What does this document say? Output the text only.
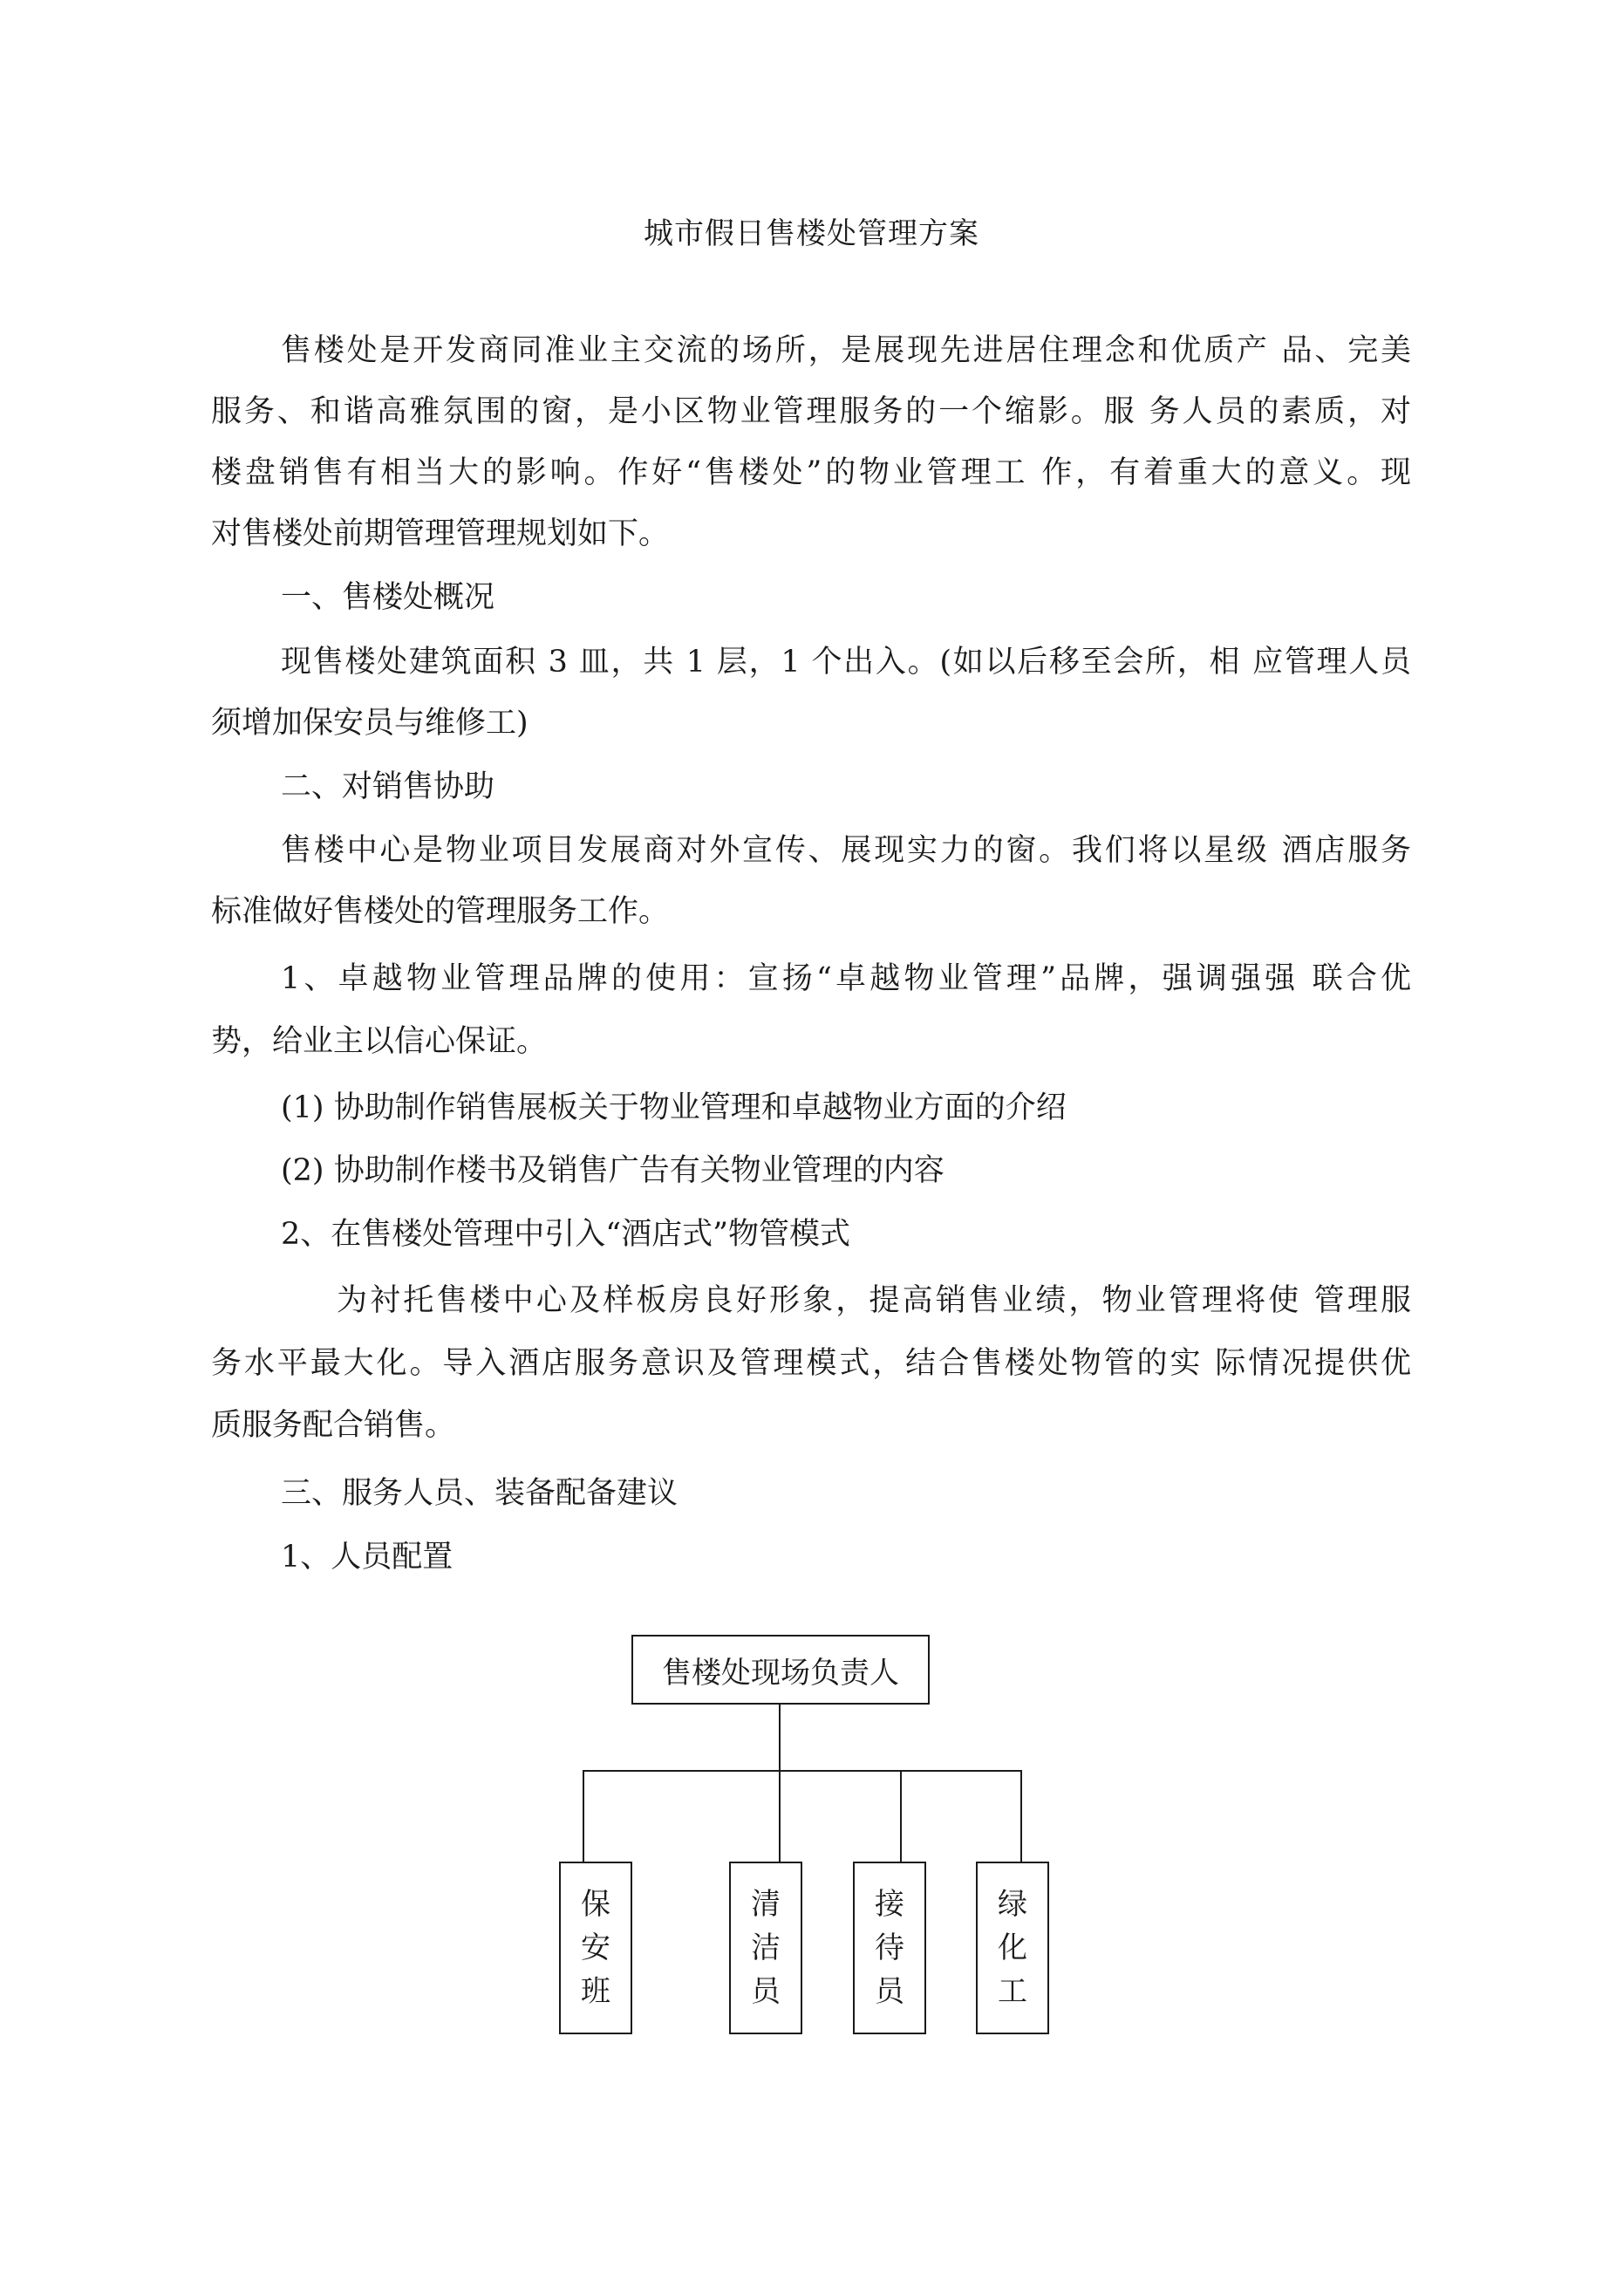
城市假日售楼处管理方案
售楼处是开发商同准业主交流的场所，是展现先进居住理念和优质产 品、完美
服务、和谐高雅氛围的窗，是小区物业管理服务的一个缩影。服 务人员的素质，对
楼盘销售有相当大的影响。作好“售楼处”的物业管理工 作，有着重大的意义。现
对售楼处前期管理管理规划如下。
一、售楼处概况
现售楼处建筑面积 3 皿，共 1 层，1 个出入。(如以后移至会所，相 应管理人员
须增加保安员与维修工)
二、对销售协助
售楼中心是物业项目发展商对外宣传、展现实力的窗。我们将以星级 酒店服务
标准做好售楼处的管理服务工作。
1、卓越物业管理品牌的使用：宣扬“卓越物业管理”品牌，强调强强 联合优
势，给业主以信心保证。
(1) 协助制作销售展板关于物业管理和卓越物业方面的介绍
(2) 协助制作楼书及销售广告有关物业管理的内容
2、在售楼处管理中引入“酒店式”物管模式
为衬托售楼中心及样板房良好形象，提高销售业绩，物业管理将使 管理服
务水平最大化。导入酒店服务意识及管理模式，结合售楼处物管的实 际情况提供优
质服务配合销售。
三、服务人员、装备配备建议
1、人员配置
售楼处现场负责人
保
安
班
清
洁
员
接
待
员
绿
化
工
